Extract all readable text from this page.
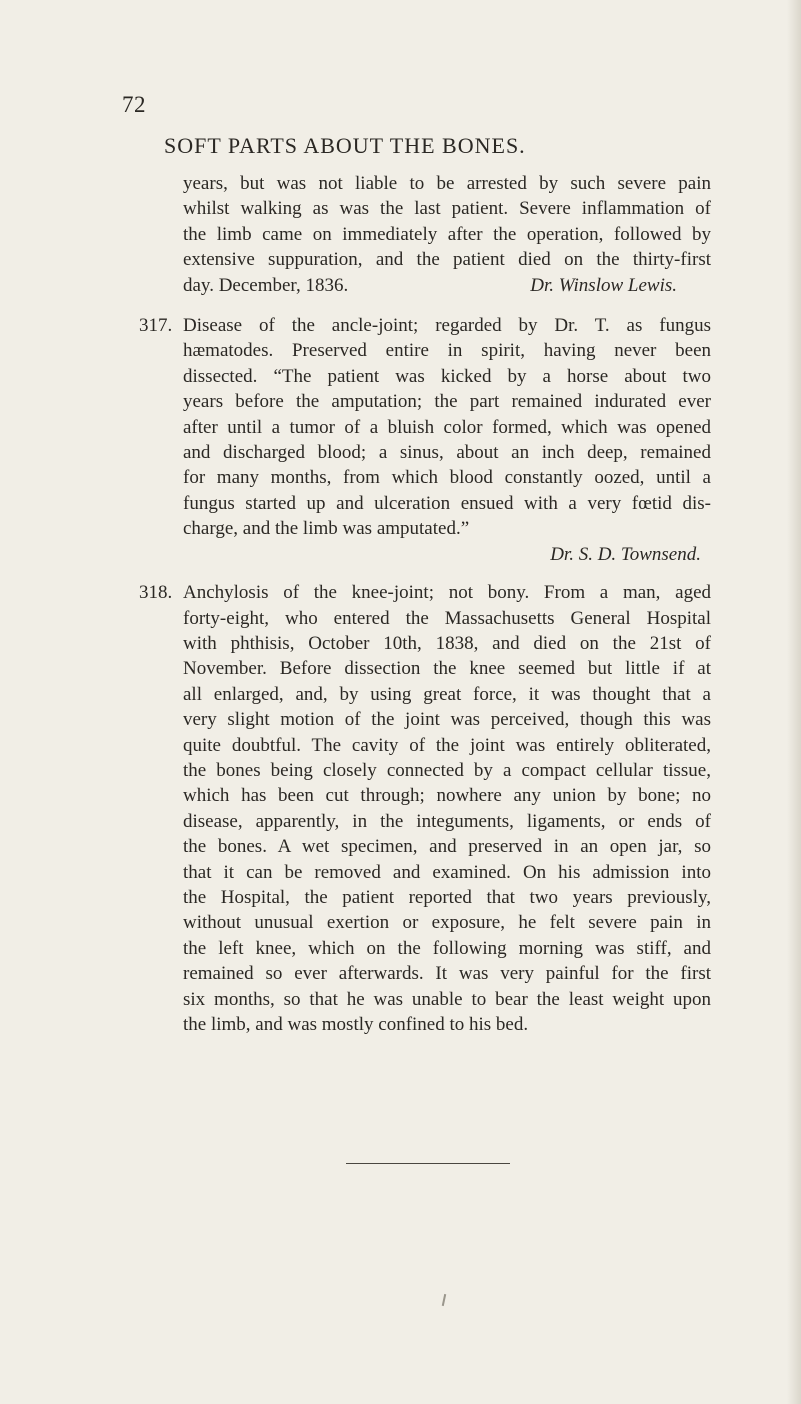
72
SOFT PARTS ABOUT THE BONES.
years, but was not liable to be arrested by such severe pain
whilst walking as was the last patient. Severe inflammation of
the limb came on immediately after the operation, followed by
extensive suppuration, and the patient died on the thirty-first
day. December, 1836.	Dr. Winslow Lewis.
317. Disease of the ancle-joint; regarded by Dr. T. as fungus
hæmatodes. Preserved entire in spirit, having never been
dissected. “The patient was kicked by a horse about two
years before the amputation; the part remained indurated ever
after until a tumor of a bluish color formed, which was opened
and discharged blood; a sinus, about an inch deep, remained
for many months, from which blood constantly oozed, until a
fungus started up and ulceration ensued with a very fœtid dis-
charge, and the limb was amputated.”
Dr. S. D. Townsend.
318. Anchylosis of the knee-joint; not bony. From a man, aged
forty-eight, who entered the Massachusetts General Hospital
with phthisis, October 10th, 1838, and died on the 21st of
November. Before dissection the knee seemed but little if at
all enlarged, and, by using great force, it was thought that a
very slight motion of the joint was perceived, though this was
quite doubtful. The cavity of the joint was entirely obliterated,
the bones being closely connected by a compact cellular tissue,
which has been cut through; nowhere any union by bone; no
disease, apparently, in the integuments, ligaments, or ends of
the bones. A wet specimen, and preserved in an open jar, so
that it can be removed and examined. On his admission into
the Hospital, the patient reported that two years previously,
without unusual exertion or exposure, he felt severe pain in
the left knee, which on the following morning was stiff, and
remained so ever afterwards. It was very painful for the first
six months, so that he was unable to bear the least weight upon
the limb, and was mostly confined to his bed.
